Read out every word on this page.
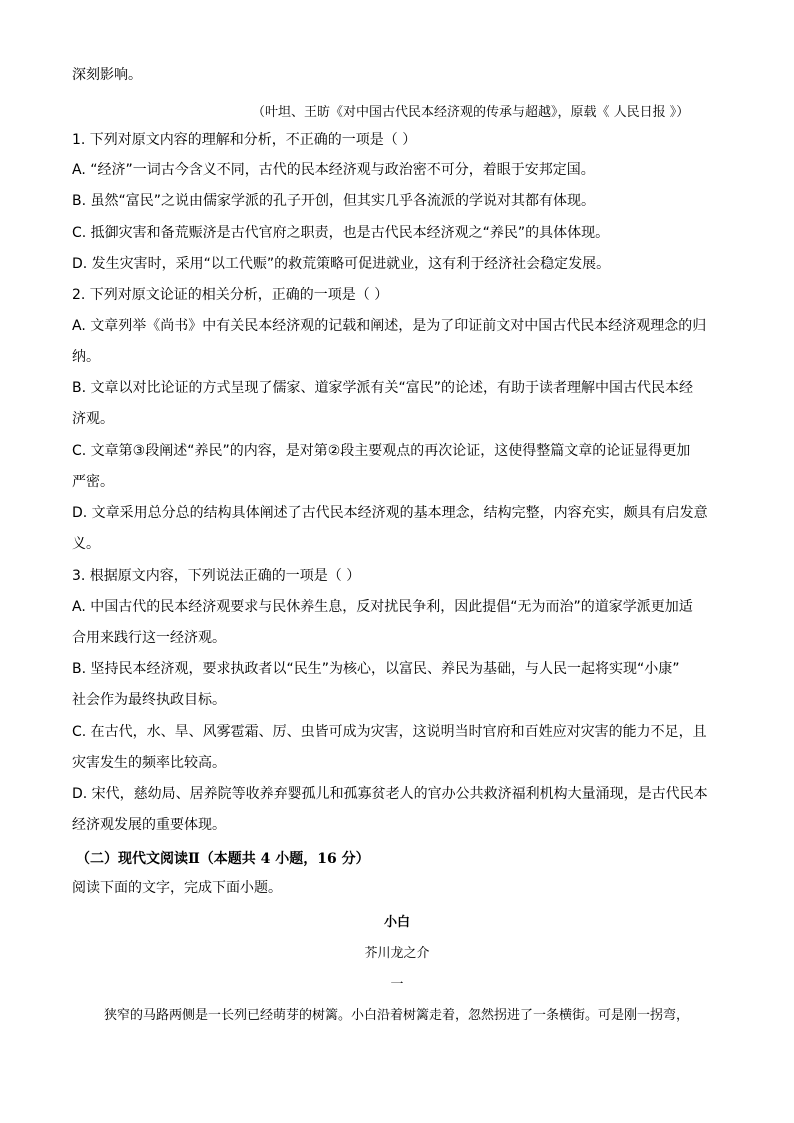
深刻影响。
（叶坦、王昉《对中国古代民本经济观的传承与超越》，原载《 人民日报 》）
1. 下列对原文内容的理解和分析，不正确的一项是（ ）
A. “经济”一词古今含义不同，古代的民本经济观与政治密不可分，着眼于安邦定国。
B. 虽然“富民”之说由儒家学派的孔子开创，但其实几乎各流派的学说对其都有体现。
C. 抵御灾害和备荒赈济是古代官府之职责，也是古代民本经济观之“养民”的具体体现。
D. 发生灾害时，采用“以工代赈”的救荒策略可促进就业，这有利于经济社会稳定发展。
2. 下列对原文论证的相关分析，正确的一项是（ ）
A. 文章列举《尚书》中有关民本经济观的记载和阐述，是为了印证前文对中国古代民本经济观理念的归
纳。
B. 文章以对比论证的方式呈现了儒家、道家学派有关“富民”的论述，有助于读者理解中国古代民本经
济观。
C. 文章第③段阐述“养民”的内容，是对第②段主要观点的再次论证，这使得整篇文章的论证显得更加
严密。
D. 文章采用总分总的结构具体阐述了古代民本经济观的基本理念，结构完整，内容充实，颇具有启发意
义。
3. 根据原文内容，下列说法正确的一项是（ ）
A. 中国古代的民本经济观要求与民休养生息，反对扰民争利，因此提倡“无为而治”的道家学派更加适
合用来践行这一经济观。
B. 坚持民本经济观，要求执政者以“民生”为核心，以富民、养民为基础，与人民一起将实现“小康”
社会作为最终执政目标。
C. 在古代，水、旱、风雾雹霜、厉、虫皆可成为灾害，这说明当时官府和百姓应对灾害的能力不足，且
灾害发生的频率比较高。
D. 宋代，慈幼局、居养院等收养弃婴孤儿和孤寡贫老人的官办公共救济福利机构大量涌现，是古代民本
经济观发展的重要体现。
（二）现代文阅读Ⅱ（本题共 4 小题，16 分）
阅读下面的文字，完成下面小题。
小白
芥川龙之介
一
狭窄的马路两侧是一长列已经萌芽的树篱。小白沿着树篱走着，忽然拐进了一条横街。可是刚一拐弯，
